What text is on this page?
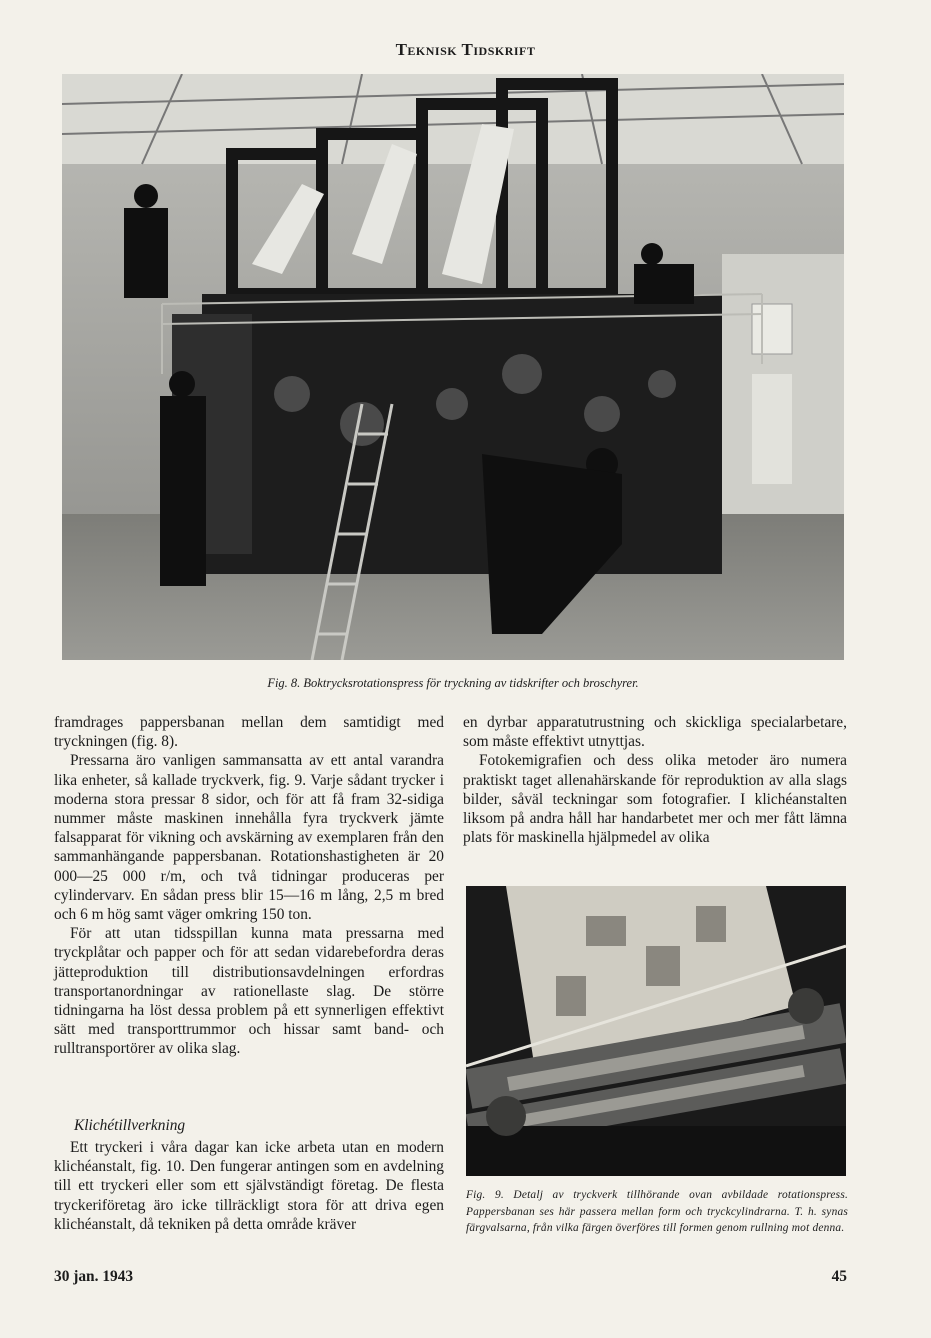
Teknisk Tidskrift
Fig. 8. Boktrycksrotationspress för tryckning av tidskrifter och broschyrer.

framdrages pappersbanan mellan dem samtidigt med tryckningen (fig. 8).

Pressarna äro vanligen sammansatta av ett antal varandra lika enheter, så kallade tryckverk, fig. 9. Varje sådant trycker i moderna stora pressar 8 sidor, och för att få fram 32-sidiga nummer måste maskinen innehålla fyra tryckverk jämte falsapparat för vikning och avskärning av exemplaren från den sammanhängande pappersbanan. Rotationshastigheten är 20 000—25 000 r/m, och två tidningar produceras per cylindervarv. En sådan press blir 15—16 m lång, 2,5 m bred och 6 m hög samt väger omkring 150 ton.

För att utan tidsspillan kunna mata pressarna med tryckplåtar och papper och för att sedan vidarebefordra deras jätteproduktion till distributionsavdelningen erfordras transportanordningar av rationellaste slag. De större tidningarna ha löst dessa problem på ett synnerligen effektivt sätt med transporttrummor och hissar samt band- och rulltransportörer av olika slag.

Klichétillverkning

Ett tryckeri i våra dagar kan icke arbeta utan en modern klichéanstalt, fig. 10. Den fungerar antingen som en avdelning till ett tryckeri eller som ett självständigt företag. De flesta tryckeriföretag äro icke tillräckligt stora för att driva egen klichéanstalt, då tekniken på detta område kräver

en dyrbar apparatutrustning och skickliga specialarbetare, som måste effektivt utnyttjas.

Fotokemigrafien och dess olika metoder äro numera praktiskt taget allenahärskande för reproduktion av alla slags bilder, såväl teckningar som fotografier. I klichéanstalten liksom på andra håll har handarbetet mer och mer fått lämna plats för maskinella hjälpmedel av olika

Fig. 9. Detalj av tryckverk tillhörande ovan avbildade rotationspress. Pappersbanan ses här passera mellan form och tryckcylindrarna. T. h. synas färgvalsarna, från vilka färgen överföres till formen genom rullning mot denna.
30 jan. 1943	45
